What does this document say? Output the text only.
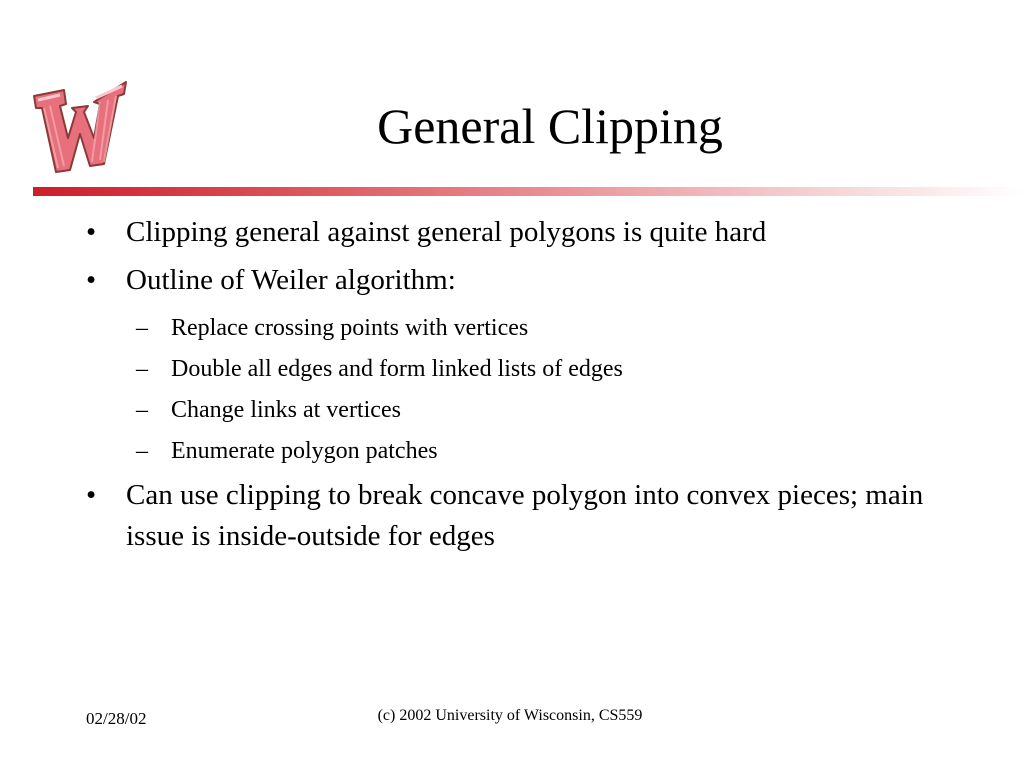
General Clipping
• Clipping general against general polygons is quite hard
• Outline of Weiler algorithm:
– Replace crossing points with vertices
– Double all edges and form linked lists of edges
– Change links at vertices
– Enumerate polygon patches
• Can use clipping to break concave polygon into convex pieces; main issue is inside-outside for edges
02/28/02	(c) 2002 University of Wisconsin, CS559
